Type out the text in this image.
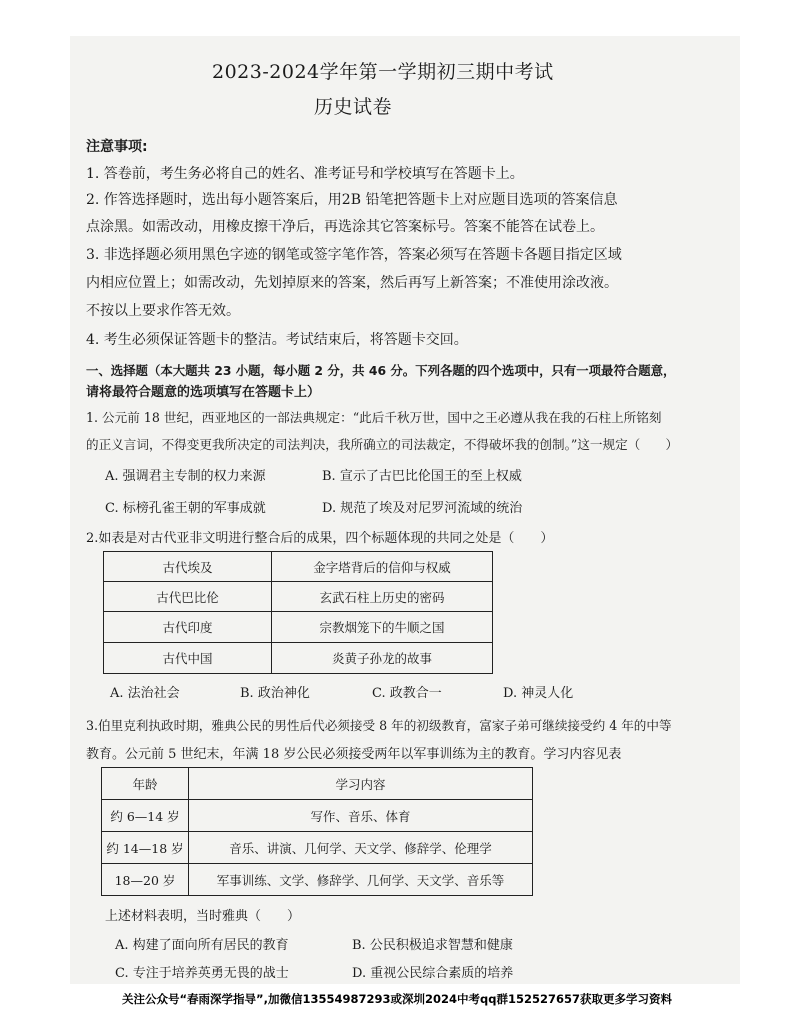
2023-2024学年第一学期初三期中考试
历史试卷
注意事项:
1. 答卷前，考生务必将自己的姓名、准考证号和学校填写在答题卡上。
2. 作答选择题时，选出每小题答案后，用2B 铅笔把答题卡上对应题目选项的答案信息
点涂黑。如需改动，用橡皮擦干净后，再选涂其它答案标号。答案不能答在试卷上。
3. 非选择题必须用黑色字迹的钢笔或签字笔作答，答案必须写在答题卡各题目指定区域
内相应位置上；如需改动，先划掉原来的答案，然后再写上新答案；不准使用涂改液。
不按以上要求作答无效。
4. 考生必须保证答题卡的整洁。考试结束后，将答题卡交回。
一、选择题（本大题共 23 小题，每小题 2 分，共 46 分。下列各题的四个选项中，只有一项最符合题意，
请将最符合题意的选项填写在答题卡上）
1. 公元前 18 世纪，西亚地区的一部法典规定：“此后千秋万世，国中之王必遵从我在我的石柱上所铭刻
的正义言词，不得变更我所决定的司法判决，我所确立的司法裁定，不得破坏我的创制。”这一规定（　　）
A. 强调君主专制的权力来源	B. 宣示了古巴比伦国王的至上权威
C. 标榜孔雀王朝的军事成就	D. 规范了埃及对尼罗河流域的统治
2.如表是对古代亚非文明进行整合后的成果，四个标题体现的共同之处是（　　）
古代埃及	金字塔背后的信仰与权威
古代巴比伦	玄武石柱上历史的密码
古代印度	宗教烟笼下的牛顺之国
古代中国	炎黄子孙龙的故事
A. 法治社会	B. 政治神化	C. 政教合一	D. 神灵人化
3.伯里克利执政时期，雅典公民的男性后代必须接受 8 年的初级教育，富家子弟可继续接受约 4 年的中等
教育。公元前 5 世纪末，年满 18 岁公民必须接受两年以军事训练为主的教育。学习内容见表
年龄	学习内容
约 6—14 岁	写作、音乐、体育
约 14—18 岁	音乐、讲演、几何学、天文学、修辞学、伦理学
18—20 岁	军事训练、文学、修辞学、几何学、天文学、音乐等
上述材料表明，当时雅典（　　）
A. 构建了面向所有居民的教育	B. 公民积极追求智慧和健康
C. 专注于培养英勇无畏的战士	D. 重视公民综合素质的培养
关注公众号“春雨深学指导”,加微信13554987293或深圳2024中考qq群152527657获取更多学习资料
